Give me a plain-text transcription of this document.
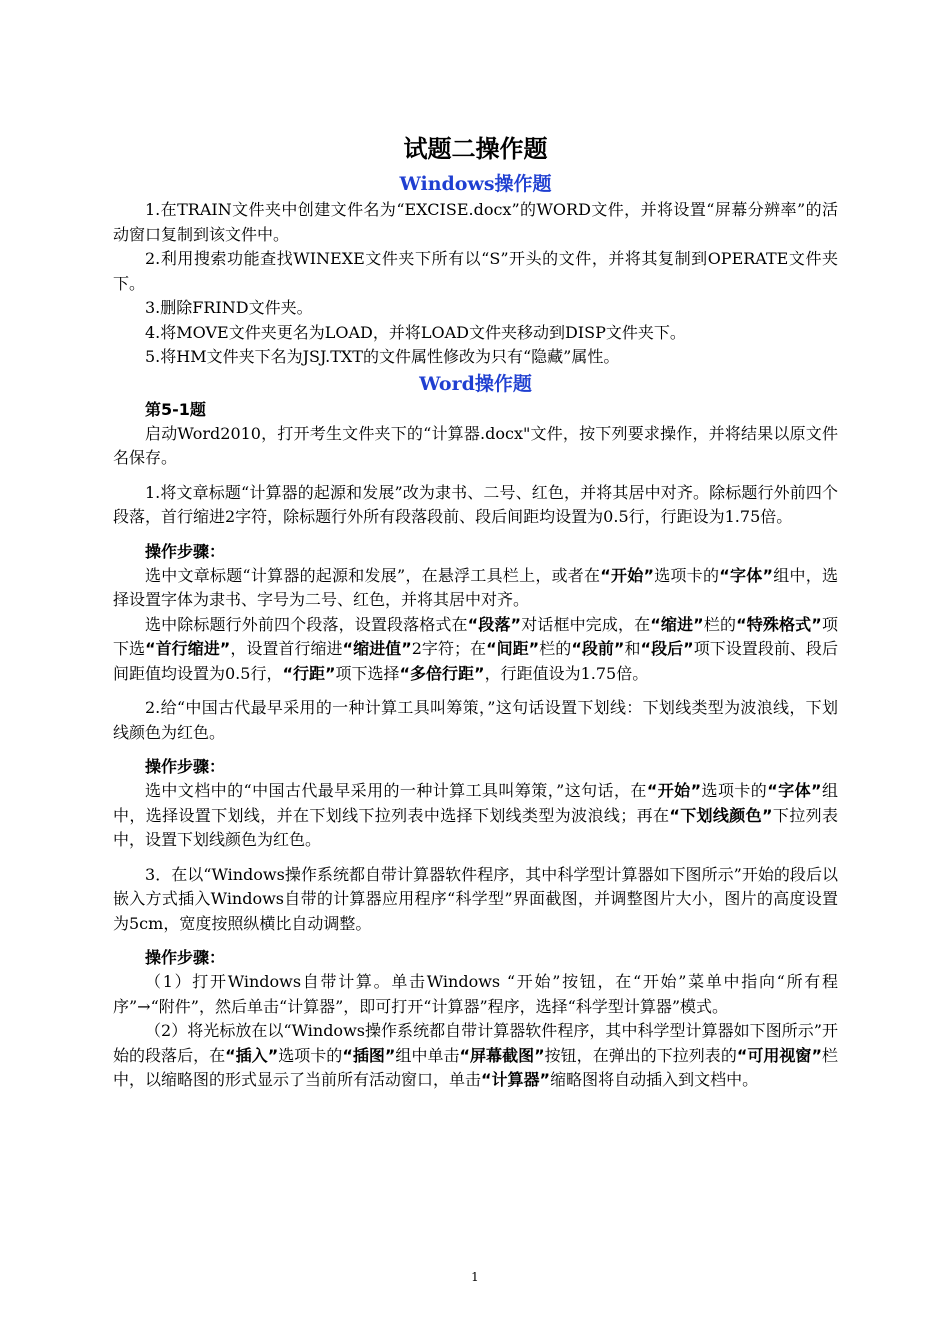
试题二操作题
Windows操作题

1.在TRAIN文件夹中创建文件名为“EXCISE.docx”的WORD文件，并将设置“屏幕分辨率”的活动窗口复制到该文件中。

2.利用搜索功能查找WINEXE文件夹下所有以“S”开头的文件，并将其复制到OPERATE文件夹下。

3.删除FRIND文件夹。

4.将MOVE文件夹更名为LOAD，并将LOAD文件夹移动到DISP文件夹下。

5.将HM文件夹下名为JSJ.TXT的文件属性修改为只有“隐藏”属性。

Word操作题
第5-1题

启动Word2010，打开考生文件夹下的“计算器.docx"文件，按下列要求操作，并将结果以原文件名保存。

1.将文章标题“计算器的起源和发展”改为隶书、二号、红色，并将其居中对齐。除标题行外前四个段落，首行缩进2字符，除标题行外所有段落段前、段后间距均设置为0.5行，行距设为1.75倍。

操作步骤：

选中文章标题“计算器的起源和发展”，在悬浮工具栏上，或者在“开始”选项卡的“字体”组中，选择设置字体为隶书、字号为二号、红色，并将其居中对齐。

选中除标题行外前四个段落，设置段落格式在“段落”对话框中完成，在“缩进”栏的“特殊格式”项下选“首行缩进”，设置首行缩进“缩进值”2字符；在“间距”栏的“段前”和“段后”项下设置段前、段后间距值均设置为0.5行，“行距”项下选择“多倍行距”，行距值设为1.75倍。

2.给“中国古代最早采用的一种计算工具叫筹策，”这句话设置下划线：下划线类型为波浪线，下划线颜色为红色。

操作步骤：

选中文档中的“中国古代最早采用的一种计算工具叫筹策，”这句话，在“开始”选项卡的“字体”组中，选择设置下划线，并在下划线下拉列表中选择下划线类型为波浪线；再在“下划线颜色”下拉列表中，设置下划线颜色为红色。

3．在以“Windows操作系统都自带计算器软件程序，其中科学型计算器如下图所示”开始的段后以嵌入方式插入Windows自带的计算器应用程序“科学型”界面截图，并调整图片大小，图片的高度设置为5cm，宽度按照纵横比自动调整。

操作步骤：

（1）打开Windows自带计算。单击Windows “开始”按钮，在“开始”菜单中指向“所有程序”→“附件”，然后单击“计算器”，即可打开“计算器”程序，选择“科学型计算器”模式。

（2）将光标放在以“Windows操作系统都自带计算器软件程序，其中科学型计算器如下图所示”开始的段落后，在“插入”选项卡的“插图”组中单击“屏幕截图”按钮，在弹出的下拉列表的“可用视窗”栏中，以缩略图的形式显示了当前所有活动窗口，单击“计算器”缩略图将自动插入到文档中。

1
